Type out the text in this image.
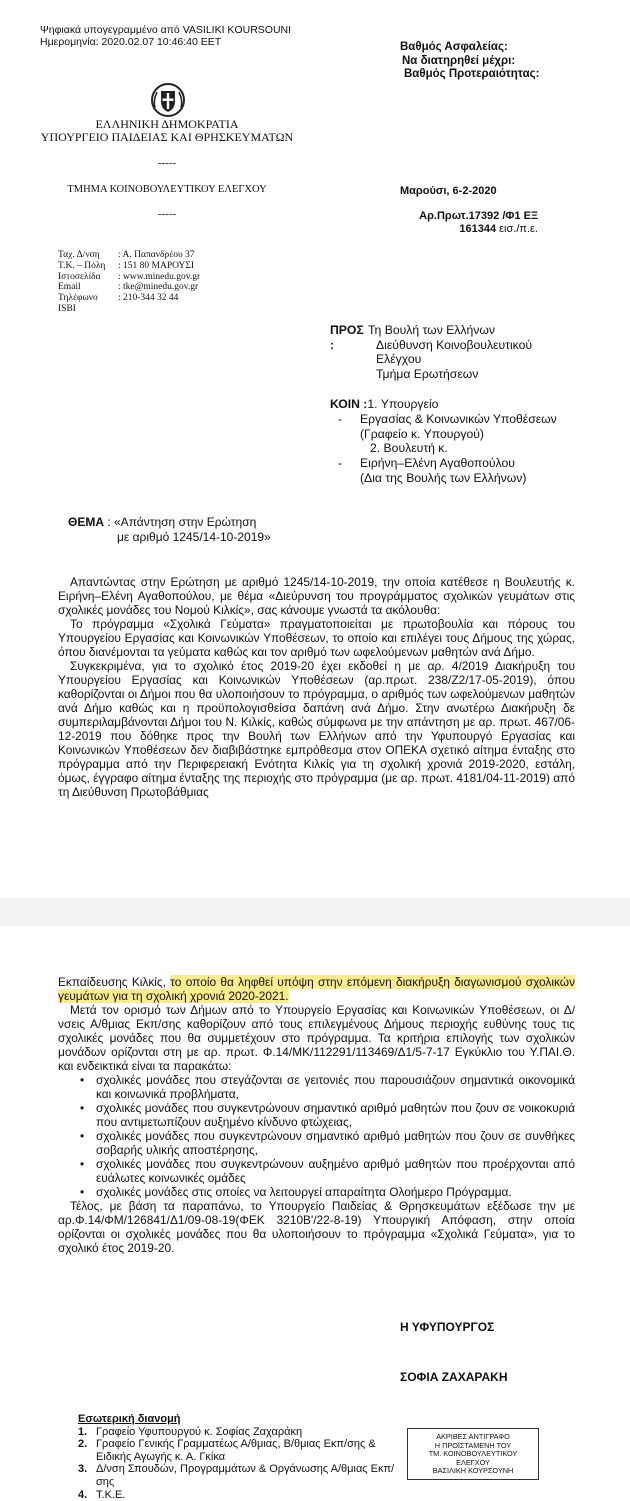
Ψηφιακά υπογεγραμμένο από VASILIKI KOURSOUNI
Ημερομηνία: 2020.02.07 10:46:40 EET	Βαθμός Ασφαλείας:
Να διατηρηθεί μέχρι:
Βαθμός Προτεραιότητας:
ΕΛΛΗΝΙΚΗ ΔΗΜΟΚΡΑΤΙΑ
ΥΠΟΥΡΓΕΙΟ ΠΑΙΔΕΙΑΣ ΚΑΙ ΘΡΗΣΚΕΥΜΑΤΩΝ
-----
ΤΜΗΜΑ ΚΟΙΝΟΒΟΥΛΕΥΤΙΚΟΥ ΕΛΕΓΧΟΥ
-----
Μαρούσι, 6-2-2020
Αρ.Πρωτ.17392 /Φ1 ΕΞ
161344 εισ./π.ε.
Ταχ. Δ/νση	: Α. Παπανδρέου 37
Τ.Κ. – Πόλη	: 151 80 ΜΑΡΟΥΣΙ
Ιστοσελίδα	: www.minedu.gov.gr
Email	: tke@minedu.gov.gr
Τηλέφωνο	: 210-344 32 44
ISBI	
ΠΡΟΣ :	
Τη Βουλή των Ελλήνων
Διεύθυνση Κοινοβουλευτικού
Ελέγχου
Τμήμα Ερωτήσεων
ΚΟΙΝ :1. Υπουργείο
- Εργασίας & Κοινωνικών Υποθέσεων
(Γραφείο κ. Υπουργού)
2. Βουλευτή κ.
- Ειρήνη–Ελένη Αγαθοπούλου
(Δια της Βουλής των Ελλήνων)
ΘΕΜΑ : «Απάντηση στην Ερώτηση
με αριθμό 1245/14-10-2019»

Απαντώντας στην Ερώτηση με αριθμό 1245/14-10-2019, την οποία κατέθεσε η Βουλευτής κ. Ειρήνη–Ελένη Αγαθοπούλου, με θέμα «Διεύρυνση του προγράμματος σχολικών γευμάτων στις σχολικές μονάδες του Νομού Κιλκίς», σας κάνουμε γνωστά τα ακόλουθα:

Το πρόγραμμα «Σχολικά Γεύματα» πραγματοποιείται με πρωτοβουλία και πόρους του Υπουργείου Εργασίας και Κοινωνικών Υποθέσεων, το οποίο και επιλέγει τους Δήμους της χώρας, όπου διανέμονται τα γεύματα καθώς και τον αριθμό των ωφελούμενων μαθητών ανά Δήμο.

Συγκεκριμένα, για το σχολικό έτος 2019-20 έχει εκδοθεί η με αρ. 4/2019 Διακήρυξη του Υπουργείου Εργασίας και Κοινωνικών Υποθέσεων (αρ.πρωτ. 238/Ζ2/17-05-2019), όπου καθορίζονται οι Δήμοι που θα υλοποιήσουν το πρόγραμμα, ο αριθμός των ωφελούμενων μαθητών ανά Δήμο καθώς και η προϋπολογισθείσα δαπάνη ανά Δήμο. Στην ανωτέρω Διακήρυξη δε συμπεριλαμβάνονται Δήμοι του Ν. Κιλκίς, καθώς σύμφωνα με την απάντηση με αρ. πρωτ. 467/06-12-2019 που δόθηκε προς την Βουλή των Ελλήνων από την Υφυπουργό Εργασίας και Κοινωνικών Υποθέσεων δεν διαβιβάστηκε εμπρόθεσμα στον ΟΠΕΚΑ σχετικό αίτημα ένταξης στο πρόγραμμα από την Περιφερειακή Ενότητα Κιλκίς για τη σχολική χρονιά 2019-2020, εστάλη, όμως, έγγραφο αίτημα ένταξης της περιοχής στο πρόγραμμα (με αρ. πρωτ. 4181/04-11-2019) από τη Διεύθυνση Πρωτοβάθμιας

Εκπαίδευσης Κιλκίς, το οποίο θα ληφθεί υπόψη στην επόμενη διακήρυξη διαγωνισμού σχολικών γευμάτων για τη σχολική χρονιά 2020-2021.

Μετά τον ορισμό των Δήμων από το Υπουργείο Εργασίας και Κοινωνικών Υποθέσεων, οι Δ/νσεις Α/θμιας Εκπ/σης καθορίζουν από τους επιλεγμένους Δήμους περιοχής ευθύνης τους τις σχολικές μονάδες που θα συμμετέχουν στο πρόγραμμα. Τα κριτήρια επιλογής των σχολικών μονάδων ορίζονται στη με αρ. πρωτ. Φ.14/ΜΚ/112291/113469/Δ1/5-7-17 Εγκύκλιο του Υ.ΠΑΙ.Θ. και ενδεικτικά είναι τα παρακάτω:

• σχολικές μονάδες που στεγάζονται σε γειτονιές που παρουσιάζουν σημαντικά οικονομικά και κοινωνικά προβλήματα,
• σχολικές μονάδες που συγκεντρώνουν σημαντικό αριθμό μαθητών που ζουν σε νοικοκυριά που αντιμετωπίζουν αυξημένο κίνδυνο φτώχειας,
• σχολικές μονάδες που συγκεντρώνουν σημαντικό αριθμό μαθητών που ζουν σε συνθήκες σοβαρής υλικής αποστέρησης,
• σχολικές μονάδες που συγκεντρώνουν αυξημένο αριθμό μαθητών που προέρχονται από ευάλωτες κοινωνικές ομάδες
• σχολικές μονάδες στις οποίες να λειτουργεί απαραίτητα Ολοήμερο Πρόγραμμα.

Τέλος, με βάση τα παραπάνω, το Υπουργείο Παιδείας & Θρησκευμάτων εξέδωσε την με αρ.Φ.14/ΦΜ/126841/Δ1/09-08-19(ΦΕΚ 3210Β'/22-8-19) Υπουργική Απόφαση, στην οποία ορίζονται οι σχολικές μονάδες που θα υλοποιήσουν το πρόγραμμα «Σχολικά Γεύματα», για το σχολικό έτος 2019-20.

Η ΥΦΥΠΟΥΡΓΟΣ
ΣΟΦΙΑ ΖΑΧΑΡΑΚΗ
Εσωτερική διανομή
1.	Γραφείο Υφυπουργού κ. Σοφίας Ζαχαράκη
2.	Γραφείο Γενικής Γραμματέως Α/θμιας, Β/θμιας Εκπ/σης & Ειδικής Αγωγής κ. Α. Γκίκα
3.	Δ/νση Σπουδών, Προγραμμάτων & Οργάνωσης Α/θμιας Εκπ/σης
4.	Τ.Κ.Ε.
ΑΚΡΙΒΕΣ ΑΝΤΙΓΡΑΦΟ
Η ΠΡΟΪΣΤΑΜΕΝΗ ΤΟΥ
ΤΜ. ΚΟΙΝΟΒΟΥΛΕΥΤΙΚΟΥ
ΕΛΕΓΧΟΥ
ΒΑΣΙΛΙΚΗ ΚΟΥΡΣΟΥΝΗ
